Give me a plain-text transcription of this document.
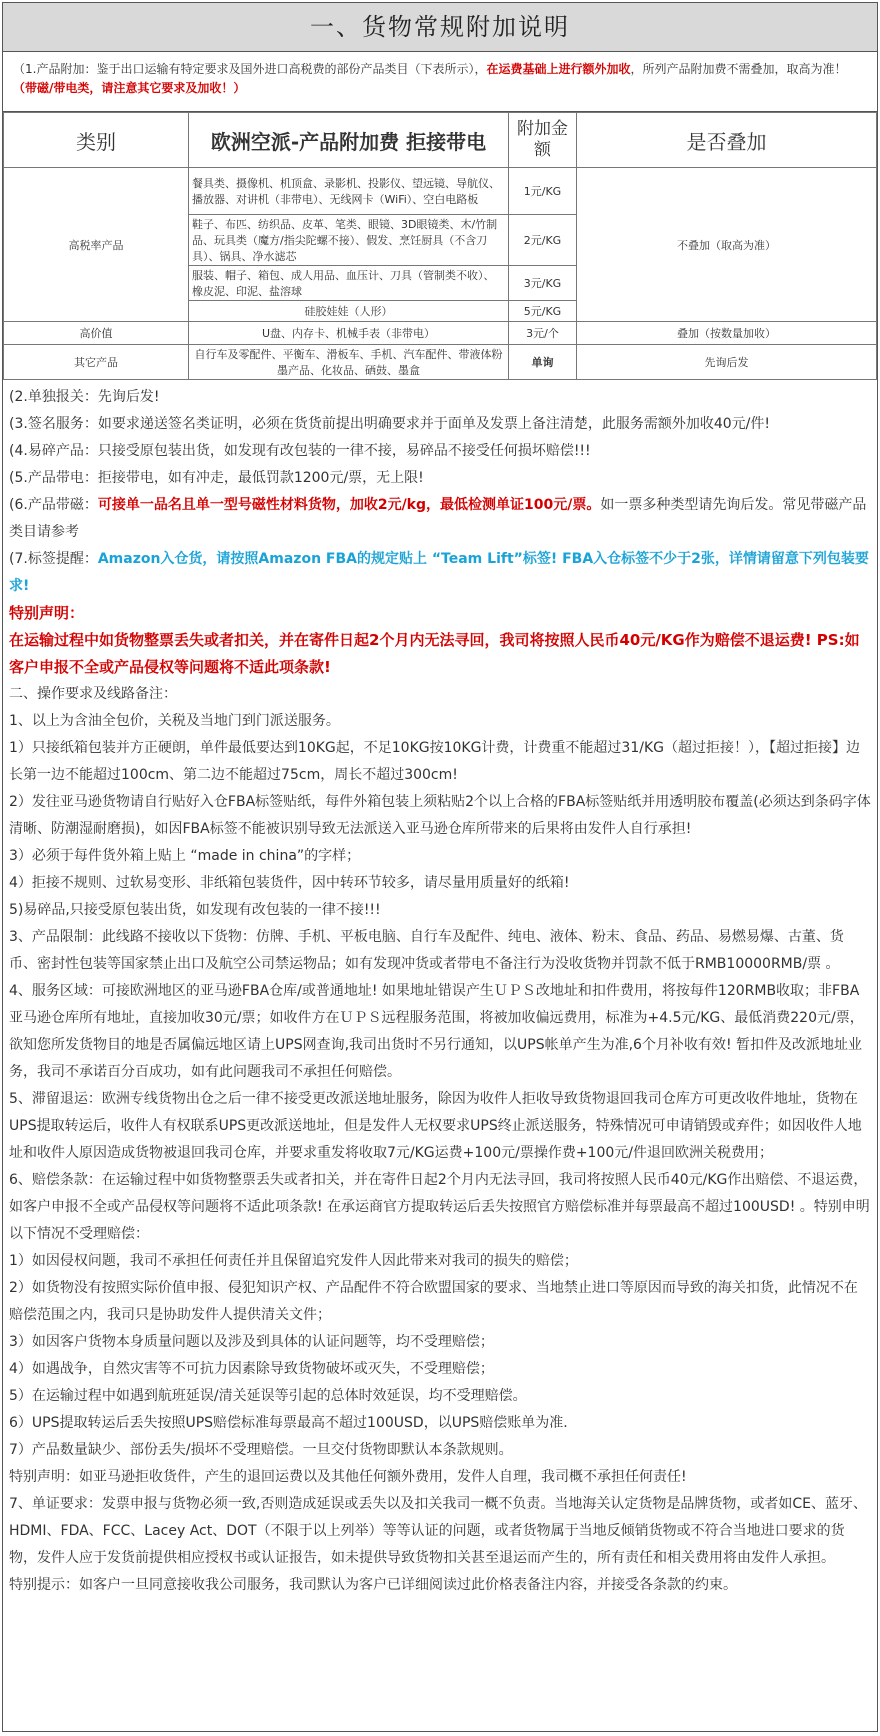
一、货物常规附加说明
（1.产品附加：鉴于出口运输有特定要求及国外进口高税费的部份产品类目（下表所示），在运费基础上进行额外加收，所列产品附加费不需叠加，取高为准！（带磁/带电类，请注意其它要求及加收！）
类别	欧洲空派-产品附加费 拒接带电	附加金额	是否叠加
高税率产品	餐具类、摄像机、机顶盒、录影机、投影仪、望远镜、导航仪、播放器、对讲机（非带电）、无线网卡（WiFi）、空白电路板	1元/KG	不叠加（取高为准）
	鞋子、布匹、纺织品、皮革、笔类、眼镜、3D眼镜类、木/竹制品、玩具类（魔方/指尖陀螺不接）、假发、烹饪厨具（不含刀具）、锅具、净水滤芯	2元/KG	
	服装、帽子、箱包、成人用品、血压计、刀具（管制类不收）、橡皮泥、印泥、盐溶球	3元/KG	
	硅胶娃娃（人形）	5元/KG	
高价值	U盘、内存卡、机械手表（非带电）	3元/个	叠加（按数量加收）
其它产品	自行车及零配件、平衡车、滑板车、手机、汽车配件、带液体粉墨产品、化妆品、硒鼓、墨盒	单询	先询后发

(2.单独报关：先询后发!

(3.签名服务：如要求递送签名类证明，必须在货货前提出明确要求并于面单及发票上备注清楚，此服务需额外加收40元/件!

(4.易碎产品：只接受原包装出货，如发现有改包装的一律不接，易碎品不接受任何损坏赔偿!!!

(5.产品带电：拒接带电，如有冲走，最低罚款1200元/票，无上限!

(6.产品带磁：可接单一品名且单一型号磁性材料货物，加收2元/kg，最低检测单证100元/票。如一票多种类型请先询后发。常见带磁产品类目请参考

(7.标签提醒：Amazon入仓货，请按照Amazon FBA的规定贴上 “Team Lift”标签! FBA入仓标签不少于2张，详情请留意下列包装要求!

特别声明：

在运输过程中如货物整票丢失或者扣关，并在寄件日起2个月内无法寻回，我司将按照人民币40元/KG作为赔偿不退运费! PS:如客户申报不全或产品侵权等问题将不适此项条款!

二、操作要求及线路备注：

1、以上为含油全包价，关税及当地门到门派送服务。

1）只接纸箱包装并方正硬朗，单件最低要达到10KG起，不足10KG按10KG计费，计费重不能超过31/KG（超过拒接！），【超过拒接】边长第一边不能超过100cm、第二边不能超过75cm，周长不超过300cm!

2）发往亚马逊货物请自行贴好入仓FBA标签贴纸，每件外箱包装上须粘贴2个以上合格的FBA标签贴纸并用透明胶布覆盖(必须达到条码字体清晰、防潮湿耐磨损)，如因FBA标签不能被识别导致无法派送入亚马逊仓库所带来的后果将由发件人自行承担!

3）必须于每件货外箱上贴上 “made in china”的字样；

4）拒接不规则、过软易变形、非纸箱包装货件，因中转环节较多，请尽量用质量好的纸箱!

5)易碎品,只接受原包装出货，如发现有改包装的一律不接!!!

3、产品限制：此线路不接收以下货物：仿牌、手机、平板电脑、自行车及配件、纯电、液体、粉末、食品、药品、易燃易爆、古董、货币、密封性包装等国家禁止出口及航空公司禁运物品；如有发现冲货或者带电不备注行为没收货物并罚款不低于RMB10000RMB/票 。

4、服务区域：可接欧洲地区的亚马逊FBA仓库/或普通地址! 如果地址错误产生ＵＰＳ改地址和扣件费用，将按每件120RMB收取；非FBA亚马逊仓库所有地址，直接加收30元/票；如收件方在ＵＰＳ远程服务范围，将被加收偏远费用，标准为+4.5元/KG、最低消费220元/票，欲知您所发货物目的地是否属偏远地区请上UPS网查询,我司出货时不另行通知，以UPS帐单产生为准,6个月补收有效! 暂扣件及改派地址业务，我司不承诺百分百成功，如有此问题我司不承担任何赔偿。

5、滞留退运：欧洲专线货物出仓之后一律不接受更改派送地址服务，除因为收件人拒收导致货物退回我司仓库方可更改收件地址，货物在UPS提取转运后，收件人有权联系UPS更改派送地址，但是发件人无权要求UPS终止派送服务，特殊情况可申请销毁或弃件；如因收件人地址和收件人原因造成货物被退回我司仓库，并要求重发将收取7元/KG运费+100元/票操作费+100元/件退回欧洲关税费用；

6、赔偿条款：在运输过程中如货物整票丢失或者扣关，并在寄件日起2个月内无法寻回，我司将按照人民币40元/KG作出赔偿、不退运费，如客户申报不全或产品侵权等问题将不适此项条款! 在承运商官方提取转运后丢失按照官方赔偿标准并每票最高不超过100USD! 。特别申明以下情况不受理赔偿：

1）如因侵权问题，我司不承担任何责任并且保留追究发件人因此带来对我司的损失的赔偿；

2）如货物没有按照实际价值申报、侵犯知识产权、产品配件不符合欧盟国家的要求、当地禁止进口等原因而导致的海关扣货，此情况不在赔偿范围之内，我司只是协助发件人提供清关文件；

3）如因客户货物本身质量问题以及涉及到具体的认证问题等，均不受理赔偿；

4）如遇战争，自然灾害等不可抗力因素除导致货物破坏或灭失，不受理赔偿；

5）在运输过程中如遇到航班延误/清关延误等引起的总体时效延误，均不受理赔偿。

6）UPS提取转运后丢失按照UPS赔偿标准每票最高不超过100USD，以UPS赔偿账单为准.

7）产品数量缺少、部份丢失/损坏不受理赔偿。一旦交付货物即默认本条款规则。

特别声明：如亚马逊拒收货件，产生的退回运费以及其他任何额外费用，发件人自理，我司概不承担任何责任!

7、单证要求：发票申报与货物必须一致,否则造成延误或丢失以及扣关我司一概不负责。当地海关认定货物是品牌货物，或者如CE、蓝牙、HDMI、FDA、FCC、Lacey Act、DOT（不限于以上列举）等等认证的问题，或者货物属于当地反倾销货物或不符合当地进口要求的货物，发件人应于发货前提供相应授权书或认证报告，如未提供导致货物扣关甚至退运而产生的，所有责任和相关费用将由发件人承担。

特别提示：如客户一旦同意接收我公司服务，我司默认为客户已详细阅读过此价格表备注内容，并接受各条款的约束。
